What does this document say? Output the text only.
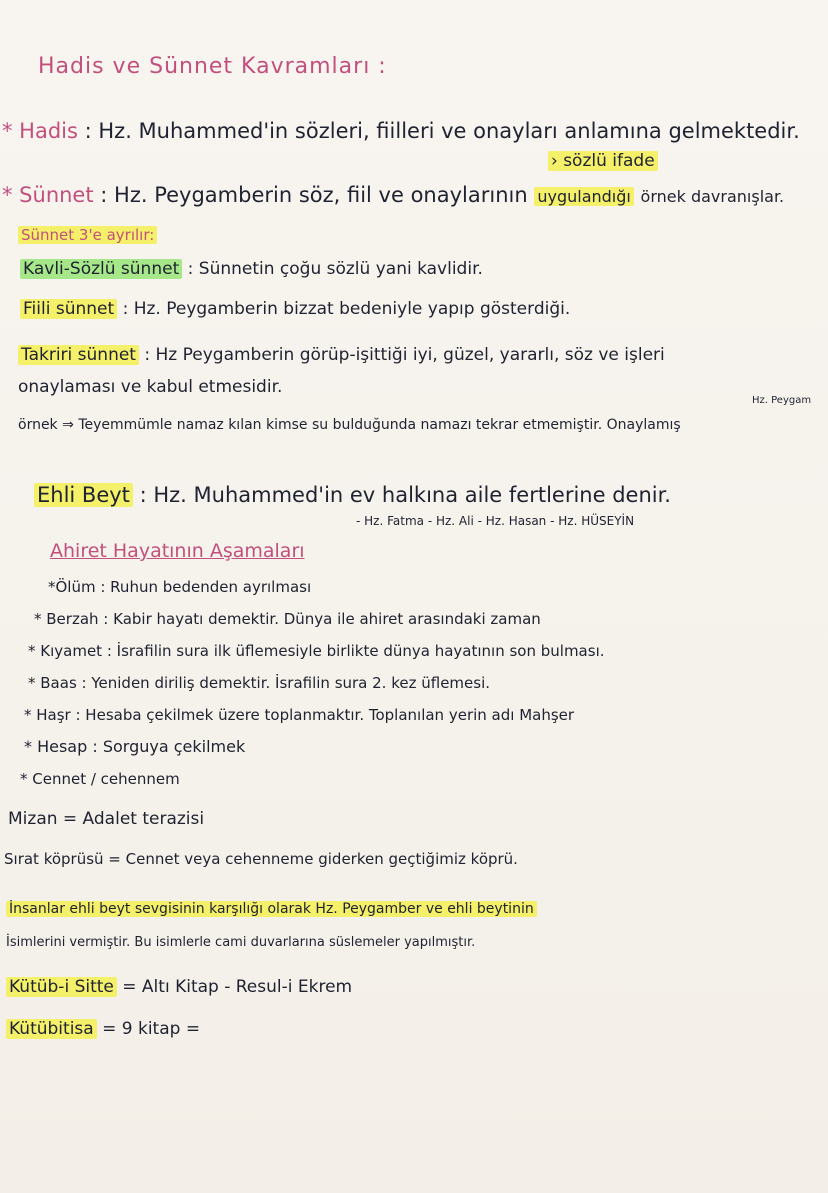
Hadis ve Sünnet Kavramları :
* Hadis : Hz. Muhammed'in sözleri, fiilleri ve onayları anlamına gelmektedir.
› sözlü ifade
* Sünnet : Hz. Peygamberin söz, fiil ve onaylarının uygulandığı örnek davranışlar.
Sünnet 3'e ayrılır:
Kavli-Sözlü sünnet : Sünnetin çoğu sözlü yani kavlidir.
Fiili sünnet : Hz. Peygamberin bizzat bedeniyle yapıp gösterdiği.
Takriri sünnet : Hz Peygamberin görüp-işittiği iyi, güzel, yararlı, söz ve işleri
onaylaması ve kabul etmesidir.
Hz. Peygam
örnek ⇒ Teyemmümle namaz kılan kimse su bulduğunda namazı tekrar etmemiştir. Onaylamış
Ehli Beyt : Hz. Muhammed'in ev halkına aile fertlerine denir.
- Hz. Fatma - Hz. Ali - Hz. Hasan - Hz. HÜSEYİN
Ahiret Hayatının Aşamaları
*Ölüm : Ruhun bedenden ayrılması
* Berzah : Kabir hayatı demektir. Dünya ile ahiret arasındaki zaman
* Kıyamet : İsrafilin sura ilk üflemesiyle birlikte dünya hayatının son bulması.
* Baas : Yeniden diriliş demektir. İsrafilin sura 2. kez üflemesi.
* Haşr : Hesaba çekilmek üzere toplanmaktır. Toplanılan yerin adı Mahşer
* Hesap : Sorguya çekilmek
* Cennet / cehennem
Mizan = Adalet terazisi
Sırat köprüsü = Cennet veya cehenneme giderken geçtiğimiz köprü.
İnsanlar ehli beyt sevgisinin karşılığı olarak Hz. Peygamber ve ehli beytinin
İsimlerini vermiştir. Bu isimlerle cami duvarlarına süslemeler yapılmıştır.
Kütüb-i Sitte = Altı Kitap - Resul-i Ekrem
Kütübitisa = 9 kitap =
